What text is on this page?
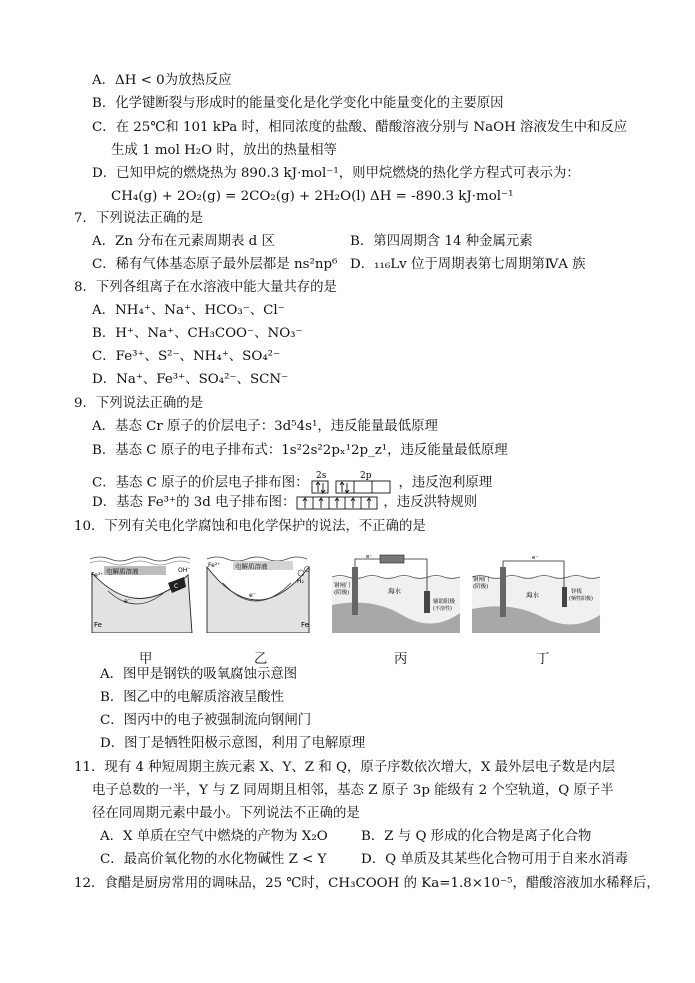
A．ΔH < 0为放热反应
B．化学键断裂与形成时的能量变化是化学变化中能量变化的主要原因
C．在 25℃和 101 kPa 时，相同浓度的盐酸、醋酸溶液分别与 NaOH 溶液发生中和反应
生成 1 mol H₂O 时，放出的热量相等
D．已知甲烷的燃烧热为 890.3 kJ·mol⁻¹，则甲烷燃烧的热化学方程式可表示为：
CH₄(g) + 2O₂(g) = 2CO₂(g) + 2H₂O(l) ΔH = -890.3 kJ·mol⁻¹
7．下列说法正确的是
A．Zn 分布在元素周期表 d 区	B．第四周期含 14 种金属元素
C．稀有气体基态原子最外层都是 ns²np⁶ D．₁₁₆Lv 位于周期表第七周期第ⅣA 族
8．下列各组离子在水溶液中能大量共存的是
A．NH₄⁺、Na⁺、HCO₃⁻、Cl⁻
B．H⁺、Na⁺、CH₃COO⁻、NO₃⁻
C．Fe³⁺、S²⁻、NH₄⁺、SO₄²⁻
D．Na⁺、Fe³⁺、SO₄²⁻、SCN⁻
9．下列说法正确的是
A．基态 Cr 原子的价层电子：3d⁵4s¹，违反能量最低原理
B．基态 C 原子的电子排布式：1s²2s²2pₓ¹2p_z¹，违反能量最低原理
C．基态 C 原子的价层电子排布图： 2s	2p ，违反泡利原理
D．基态 Fe³⁺的 3d 电子排布图：	，违反洪特规则
10．下列有关电化学腐蚀和电化学保护的说法，不正确的是
电解质溶液
Fe²⁺
OH⁻
C
e⁻
Fe
电解质溶液
Fe²⁺
H₂
e⁻
Fe
钢闸门
(阴极)	海水
辅助阳极
(不溶性)
e⁻
钢闸门
(阴极)
海水	锌板
(牺牲阳极)
e⁻
甲	乙	丙	丁
A．图甲是钢铁的吸氧腐蚀示意图
B．图乙中的电解质溶液呈酸性
C．图丙中的电子被强制流向钢闸门
D．图丁是牺牲阳极示意图，利用了电解原理
11．现有 4 种短周期主族元素 X、Y、Z 和 Q，原子序数依次增大，X 最外层电子数是内层
电子总数的一半，Y 与 Z 同周期且相邻，基态 Z 原子 3p 能级有 2 个空轨道，Q 原子半
径在同周期元素中最小。下列说法不正确的是
A．X 单质在空气中燃烧的产物为 X₂O B．Z 与 Q 形成的化合物是离子化合物
C．最高价氧化物的水化物碱性 Z < Y	D．Q 单质及其某些化合物可用于自来水消毒
12．食醋是厨房常用的调味品，25 ℃时，CH₃COOH 的 Ka=1.8×10⁻⁵，醋酸溶液加水稀释后，
